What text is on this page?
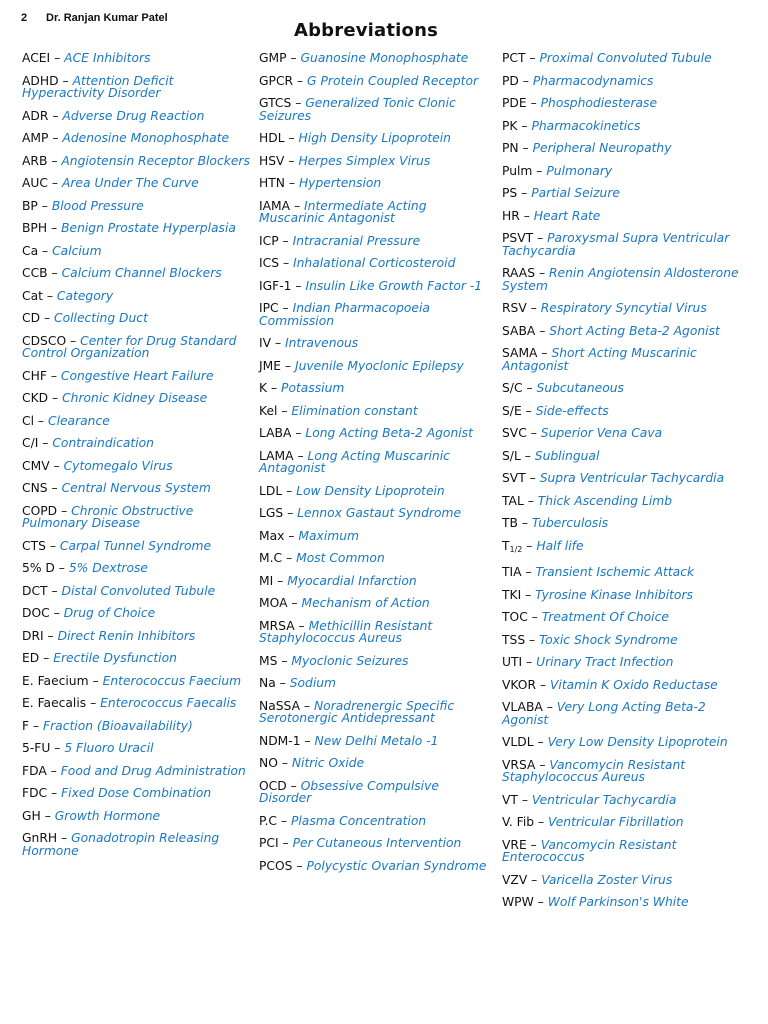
2 Dr. Ranjan Kumar Patel
Abbreviations
ACEI – ACE Inhibitors
ADHD – Attention Deficit Hyperactivity Disorder
ADR – Adverse Drug Reaction
AMP – Adenosine Monophosphate
ARB – Angiotensin Receptor Blockers
AUC – Area Under The Curve
BP – Blood Pressure
BPH – Benign Prostate Hyperplasia
Ca – Calcium
CCB – Calcium Channel Blockers
Cat – Category
CD – Collecting Duct
CDSCO – Center for Drug Standard Control Organization
CHF – Congestive Heart Failure
CKD – Chronic Kidney Disease
Cl – Clearance
C/I – Contraindication
CMV – Cytomegalo Virus
CNS – Central Nervous System
COPD – Chronic Obstructive Pulmonary Disease
CTS – Carpal Tunnel Syndrome
5% D – 5% Dextrose
DCT – Distal Convoluted Tubule
DOC – Drug of Choice
DRI – Direct Renin Inhibitors
ED – Erectile Dysfunction
E. Faecium – Enterococcus Faecium
E. Faecalis – Enterococcus Faecalis
F – Fraction (Bioavailability)
5-FU – 5 Fluoro Uracil
FDA – Food and Drug Administration
FDC – Fixed Dose Combination
GH – Growth Hormone
GnRH – Gonadotropin Releasing Hormone
GMP – Guanosine Monophosphate
GPCR – G Protein Coupled Receptor
GTCS – Generalized Tonic Clonic Seizures
HDL – High Density Lipoprotein
HSV – Herpes Simplex Virus
HTN – Hypertension
IAMA – Intermediate Acting Muscarinic Antagonist
ICP – Intracranial Pressure
ICS – Inhalational Corticosteroid
IGF-1 – Insulin Like Growth Factor -1
IPC – Indian Pharmacopoeia Commission
IV – Intravenous
JME – Juvenile Myoclonic Epilepsy
K – Potassium
Kel – Elimination constant
LABA – Long Acting Beta-2 Agonist
LAMA – Long Acting Muscarinic Antagonist
LDL – Low Density Lipoprotein
LGS – Lennox Gastaut Syndrome
Max – Maximum
M.C – Most Common
MI – Myocardial Infarction
MOA – Mechanism of Action
MRSA – Methicillin Resistant Staphylococcus Aureus
MS – Myoclonic Seizures
Na – Sodium
NaSSA – Noradrenergic Specific Serotonergic Antidepressant
NDM-1 – New Delhi Metalo -1
NO – Nitric Oxide
OCD – Obsessive Compulsive Disorder
P.C – Plasma Concentration
PCI – Per Cutaneous Intervention
PCOS – Polycystic Ovarian Syndrome
PCT – Proximal Convoluted Tubule
PD – Pharmacodynamics
PDE – Phosphodiesterase
PK – Pharmacokinetics
PN – Peripheral Neuropathy
Pulm – Pulmonary
PS – Partial Seizure
HR – Heart Rate
PSVT – Paroxysmal Supra Ventricular Tachycardia
RAAS – Renin Angiotensin Aldosterone System
RSV – Respiratory Syncytial Virus
SABA – Short Acting Beta-2 Agonist
SAMA – Short Acting Muscarinic Antagonist
S/C – Subcutaneous
S/E – Side-effects
SVC – Superior Vena Cava
S/L – Sublingual
SVT – Supra Ventricular Tachycardia
TAL – Thick Ascending Limb
TB – Tuberculosis
$T_{1/2}$ – Half life
TIA – Transient Ischemic Attack
TKI – Tyrosine Kinase Inhibitors
TOC – Treatment Of Choice
TSS – Toxic Shock Syndrome
UTI – Urinary Tract Infection
VKOR – Vitamin K Oxido Reductase
VLABA – Very Long Acting Beta-2 Agonist
VLDL – Very Low Density Lipoprotein
VRSA – Vancomycin Resistant Staphylococcus Aureus
VT – Ventricular Tachycardia
V. Fib – Ventricular Fibrillation
VRE – Vancomycin Resistant Enterococcus
VZV – Varicella Zoster Virus
WPW – Wolf Parkinson's White
